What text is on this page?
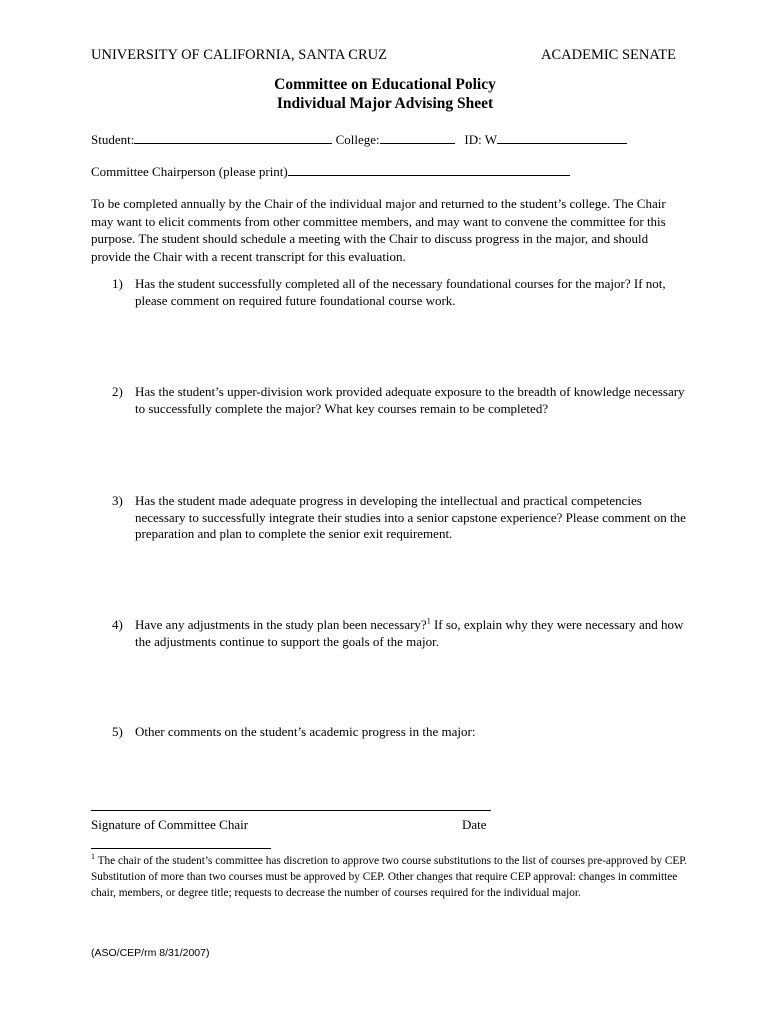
UNIVERSITY OF CALIFORNIA, SANTA CRUZ	ACADEMIC SENATE
Committee on Educational Policy
Individual Major Advising Sheet
Student:	College:	ID: W
Committee Chairperson (please print)
To be completed annually by the Chair of the individual major and returned to the student’s college. The Chair may want to elicit comments from other committee members, and may want to convene the committee for this purpose. The student should schedule a meeting with the Chair to discuss progress in the major, and should provide the Chair with a recent transcript for this evaluation.
1) Has the student successfully completed all of the necessary foundational courses for the major? If not, please comment on required future foundational course work.
2) Has the student’s upper-division work provided adequate exposure to the breadth of knowledge necessary to successfully complete the major? What key courses remain to be completed?
3) Has the student made adequate progress in developing the intellectual and practical competencies necessary to successfully integrate their studies into a senior capstone experience? Please comment on the preparation and plan to complete the senior exit requirement.
4) Have any adjustments in the study plan been necessary?$^1$ If so, explain why they were necessary and how the adjustments continue to support the goals of the major.
5) Other comments on the student’s academic progress in the major:
Signature of Committee Chair	Date
$^1$ The chair of the student’s committee has discretion to approve two course substitutions to the list of courses pre-approved by CEP. Substitution of more than two courses must be approved by CEP. Other changes that require CEP approval: changes in committee chair, members, or degree title; requests to decrease the number of courses required for the individual major.
(ASO/CEP/rm 8/31/2007)
